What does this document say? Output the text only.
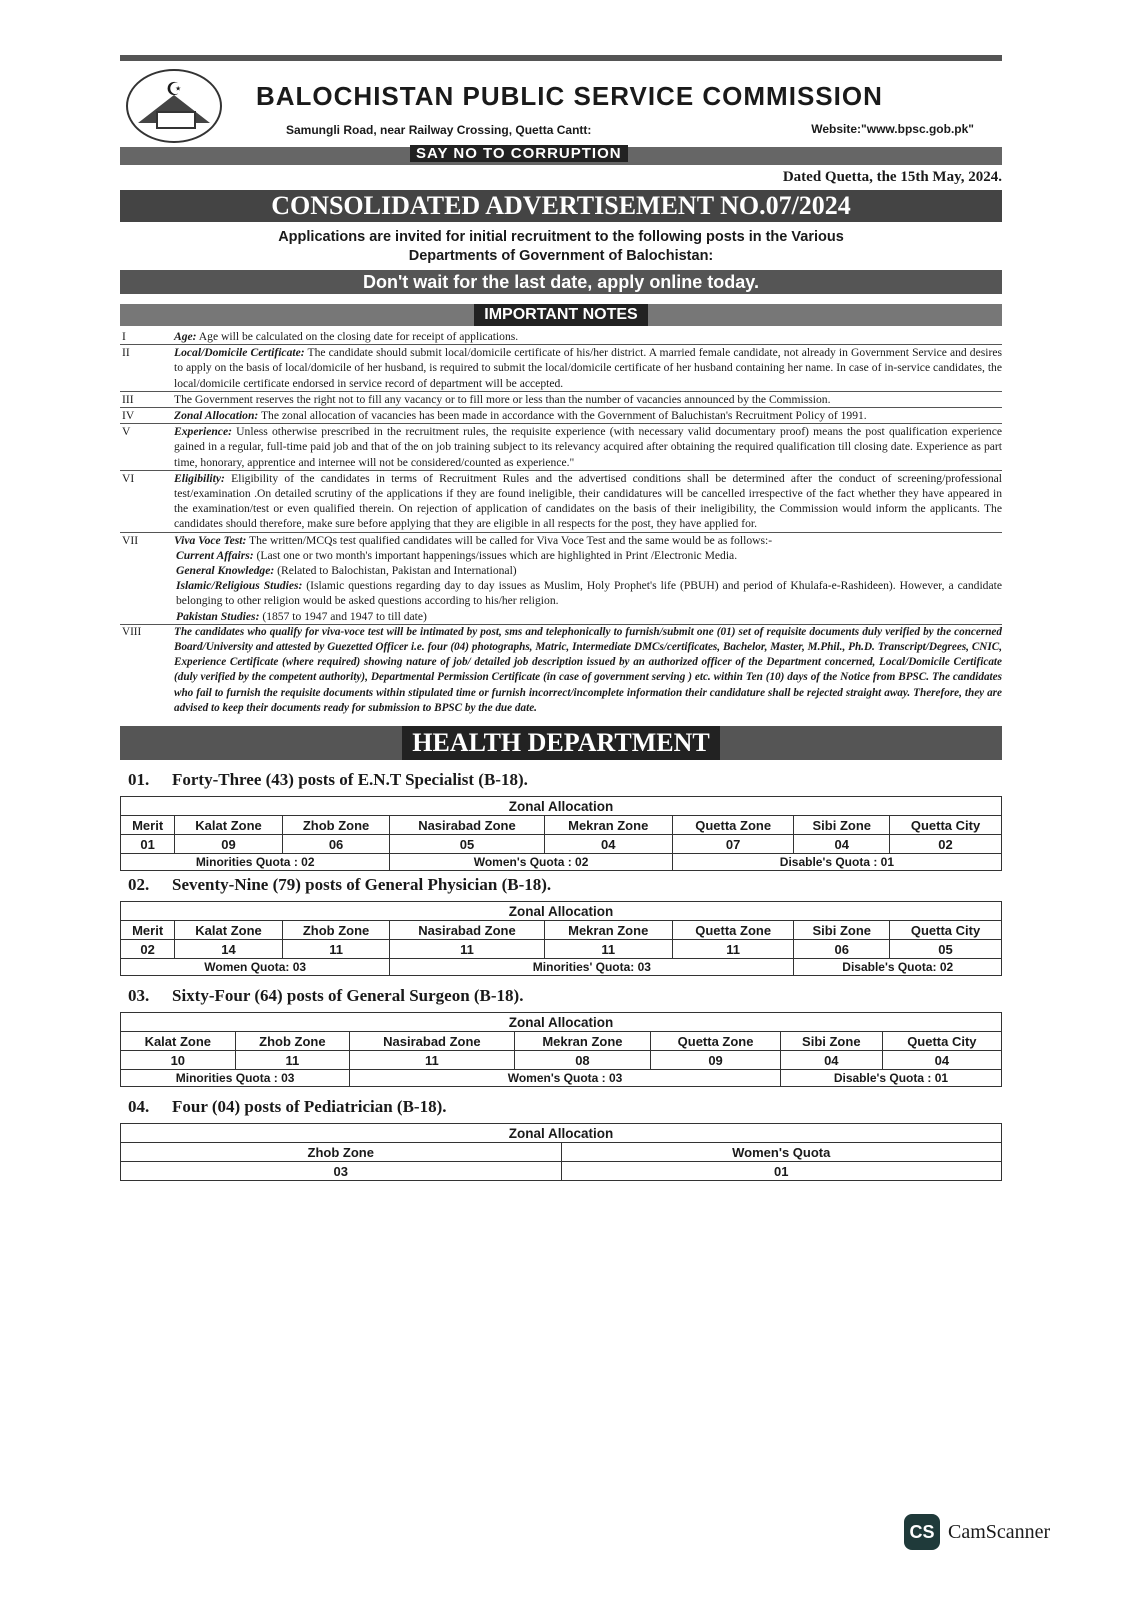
☪	BALOCHISTAN PUBLIC SERVICE COMMISSION
Samungli Road, near Railway Crossing, Quetta Cantt:	Website:"www.bpsc.gob.pk"
SAY NO TO CORRUPTION
Dated Quetta, the 15th May, 2024.
CONSOLIDATED ADVERTISEMENT NO.07/2024
Applications are invited for initial recruitment to the following posts in the Various
Departments of Government of Balochistan:
Don't wait for the last date, apply online today.
IMPORTANT NOTES
I	Age: Age will be calculated on the closing date for receipt of applications.
II	Local/Domicile Certificate: The candidate should submit local/domicile certificate of his/her district. A married female candidate, not already in Government Service and desires to apply on the basis of local/domicile of her husband, is required to submit the local/domicile certificate of her husband containing her name. In case of in-service candidates, the local/domicile certificate endorsed in service record of department will be accepted.
III	The Government reserves the right not to fill any vacancy or to fill more or less than the number of vacancies announced by the Commission.
IV	Zonal Allocation: The zonal allocation of vacancies has been made in accordance with the Government of Baluchistan's Recruitment Policy of 1991.
V	Experience: Unless otherwise prescribed in the recruitment rules, the requisite experience (with necessary valid documentary proof) means the post qualification experience gained in a regular, full-time paid job and that of the on job training subject to its relevancy acquired after obtaining the required qualification till closing date. Experience as part time, honorary, apprentice and internee will not be considered/counted as experience."
VI	Eligibility: Eligibility of the candidates in terms of Recruitment Rules and the advertised conditions shall be determined after the conduct of screening/professional test/examination .On detailed scrutiny of the applications if they are found ineligible, their candidatures will be cancelled irrespective of the fact whether they have appeared in the examination/test or even qualified therein. On rejection of application of candidates on the basis of their ineligibility, the Commission would inform the applicants. The candidates should therefore, make sure before applying that they are eligible in all respects for the post, they have applied for.
VII	Viva Voce Test: The written/MCQs test qualified candidates will be called for Viva Voce Test and the same would be as follows:-
Current Affairs: (Last one or two month's important happenings/issues which are highlighted in Print /Electronic Media.
General Knowledge: (Related to Balochistan, Pakistan and International)
Islamic/Religious Studies: (Islamic questions regarding day to day issues as Muslim, Holy Prophet's life (PBUH) and period of Khulafa-e-Rashideen). However, a candidate belonging to other religion would be asked questions according to his/her religion.
Pakistan Studies: (1857 to 1947 and 1947 to till date)
VIII	The candidates who qualify for viva-voce test will be intimated by post, sms and telephonically to furnish/submit one (01) set of requisite documents duly verified by the concerned Board/University and attested by Guezetted Officer i.e. four (04) photographs, Matric, Intermediate DMCs/certificates, Bachelor, Master, M.Phil., Ph.D. Transcript/Degrees, CNIC, Experience Certificate (where required) showing nature of job/ detailed job description issued by an authorized officer of the Department concerned, Local/Domicile Certificate (duly verified by the competent authority), Departmental Permission Certificate (in case of government serving ) etc. within Ten (10) days of the Notice from BPSC. The candidates who fail to furnish the requisite documents within stipulated time or furnish incorrect/incomplete information their candidature shall be rejected straight away. Therefore, they are advised to keep their documents ready for submission to BPSC by the due date.
HEALTH DEPARTMENT
01. Forty-Three (43) posts of E.N.T Specialist (B-18).
Zonal Allocation							
Merit	Kalat Zone	Zhob Zone	Nasirabad Zone	Mekran Zone	Quetta Zone	Sibi Zone	Quetta City
01	09	06	05	04	07	04	02
Minorities Quota : 02			Women's Quota : 02		Disable's Quota : 01		
02. Seventy-Nine (79) posts of General Physician (B-18).
Zonal Allocation							
Merit	Kalat Zone	Zhob Zone	Nasirabad Zone	Mekran Zone	Quetta Zone	Sibi Zone	Quetta City
02	14	11	11	11	11	06	05
Women Quota: 03			Minorities' Quota: 03			Disable's Quota: 02	
03. Sixty-Four (64) posts of General Surgeon (B-18).
Zonal Allocation						
Kalat Zone	Zhob Zone	Nasirabad Zone	Mekran Zone	Quetta Zone	Sibi Zone	Quetta City
10	11	11	08	09	04	04
Minorities Quota : 03		Women's Quota : 03			Disable's Quota : 01	
04. Four (04) posts of Pediatrician (B-18).
Zonal Allocation	
Zhob Zone	Women's Quota
03	01
CS CamScanner
